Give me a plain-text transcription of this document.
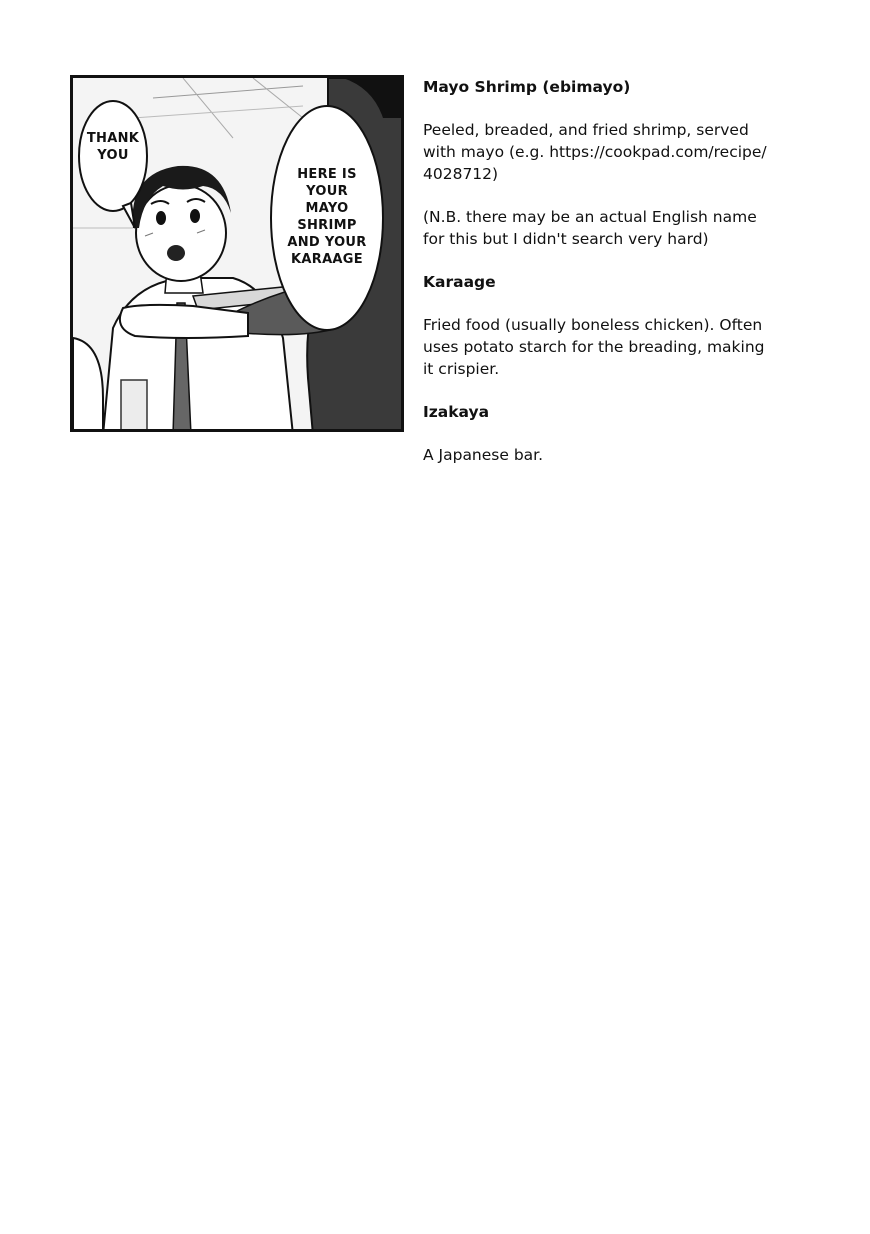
THANK
YOU
HERE IS
YOUR MAYO
SHRIMP
AND YOUR
KARAAGE
Mayo Shrimp (ebimayo)
Peeled, breaded, and fried shrimp, served
with mayo (e.g. https://cookpad.com/recipe/
4028712)
(N.B. there may be an actual English name
for this but I didn't search very hard)
Karaage
Fried food (usually boneless chicken). Often
uses potato starch for the breading, making
it crispier.
Izakaya
A Japanese bar.
